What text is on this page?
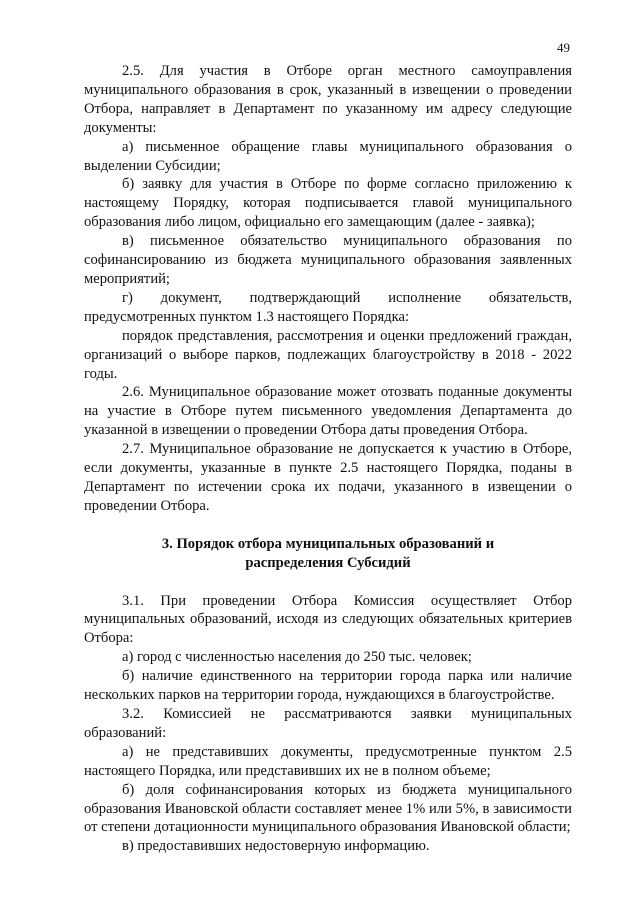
49

2.5. Для участия в Отборе орган местного самоуправления муниципального образования в срок, указанный в извещении о проведении Отбора, направляет в Департамент по указанному им адресу следующие документы:

а) письменное обращение главы муниципального образования о выделении Субсидии;

б) заявку для участия в Отборе по форме согласно приложению к настоящему Порядку, которая подписывается главой муниципального образования либо лицом, официально его замещающим (далее - заявка);

в) письменное обязательство муниципального образования по софинансированию из бюджета муниципального образования заявленных мероприятий;

г) документ, подтверждающий исполнение обязательств, предусмотренных пунктом 1.3 настоящего Порядка:

порядок представления, рассмотрения и оценки предложений граждан, организаций о выборе парков, подлежащих благоустройству в 2018 - 2022 годы.

2.6. Муниципальное образование может отозвать поданные документы на участие в Отборе путем письменного уведомления Департамента до указанной в извещении о проведении Отбора даты проведения Отбора.

2.7. Муниципальное образование не допускается к участию в Отборе, если документы, указанные в пункте 2.5 настоящего Порядка, поданы в Департамент по истечении срока их подачи, указанного в извещении о проведении Отбора.

3. Порядок отбора муниципальных образований и
распределения Субсидий

3.1. При проведении Отбора Комиссия осуществляет Отбор муниципальных образований, исходя из следующих обязательных критериев Отбора:

а) город с численностью населения до 250 тыс. человек;

б) наличие единственного на территории города парка или наличие нескольких парков на территории города, нуждающихся в благоустройстве.

3.2. Комиссией не рассматриваются заявки муниципальных образований:

а) не представивших документы, предусмотренные пунктом 2.5 настоящего Порядка, или представивших их не в полном объеме;

б) доля софинансирования которых из бюджета муниципального образования Ивановской области составляет менее 1% или 5%, в зависимости от степени дотационности муниципального образования Ивановской области;

в) предоставивших недостоверную информацию.
